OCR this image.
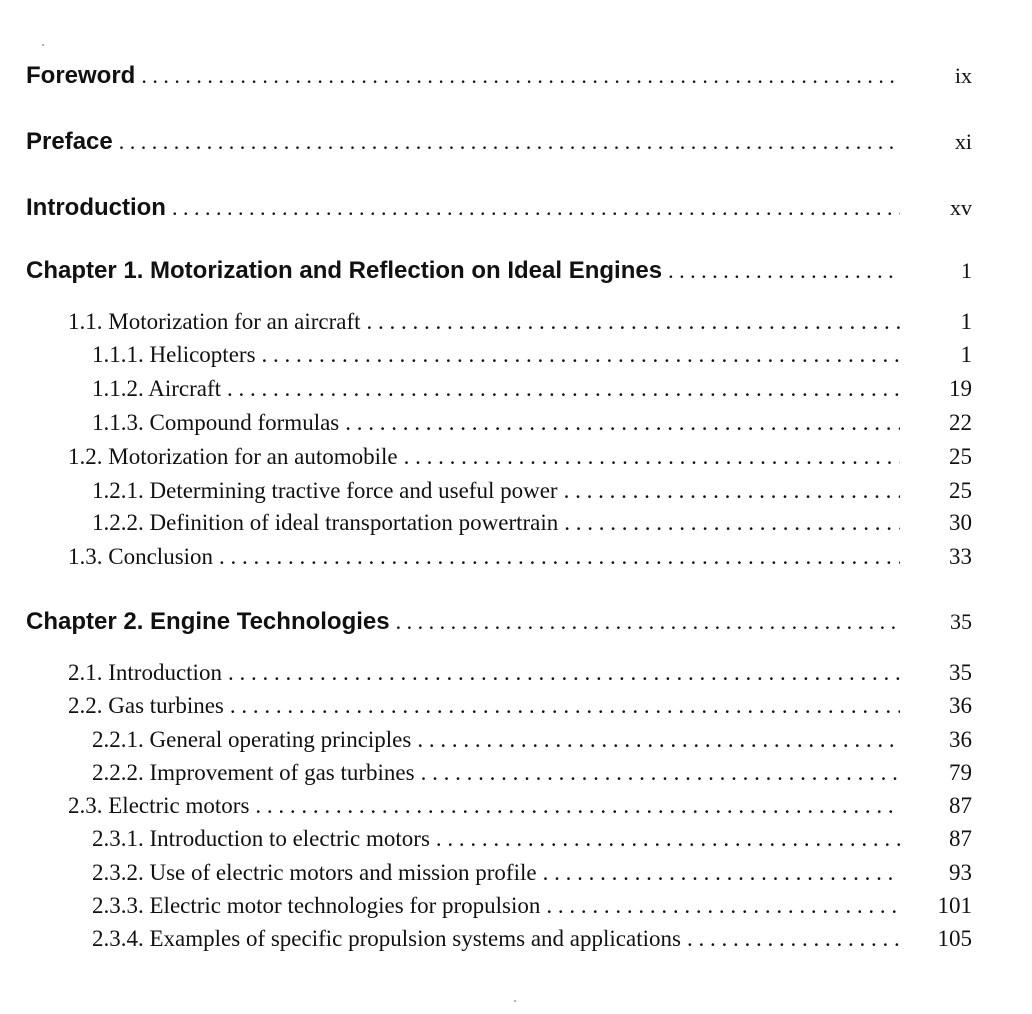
Foreword . . .	ix
Preface . . .	xi
Introduction . . .	xv
Chapter 1. Motorization and Reflection on Ideal Engines . . .	1
1.1. Motorization for an aircraft . . .	1
1.1.1. Helicopters . . .	1
1.1.2. Aircraft . . .	19
1.1.3. Compound formulas . . .	22
1.2. Motorization for an automobile . . .	25
1.2.1. Determining tractive force and useful power . . .	25
1.2.2. Definition of ideal transportation powertrain . . .	30
1.3. Conclusion . . .	33
Chapter 2. Engine Technologies . . .	35
2.1. Introduction . . .	35
2.2. Gas turbines . . .	36
2.2.1. General operating principles . . .	36
2.2.2. Improvement of gas turbines . . .	79
2.3. Electric motors . . .	87
2.3.1. Introduction to electric motors . . .	87
2.3.2. Use of electric motors and mission profile . . .	93
2.3.3. Electric motor technologies for propulsion . . .	101
2.3.4. Examples of specific propulsion systems and applications . . .	105
